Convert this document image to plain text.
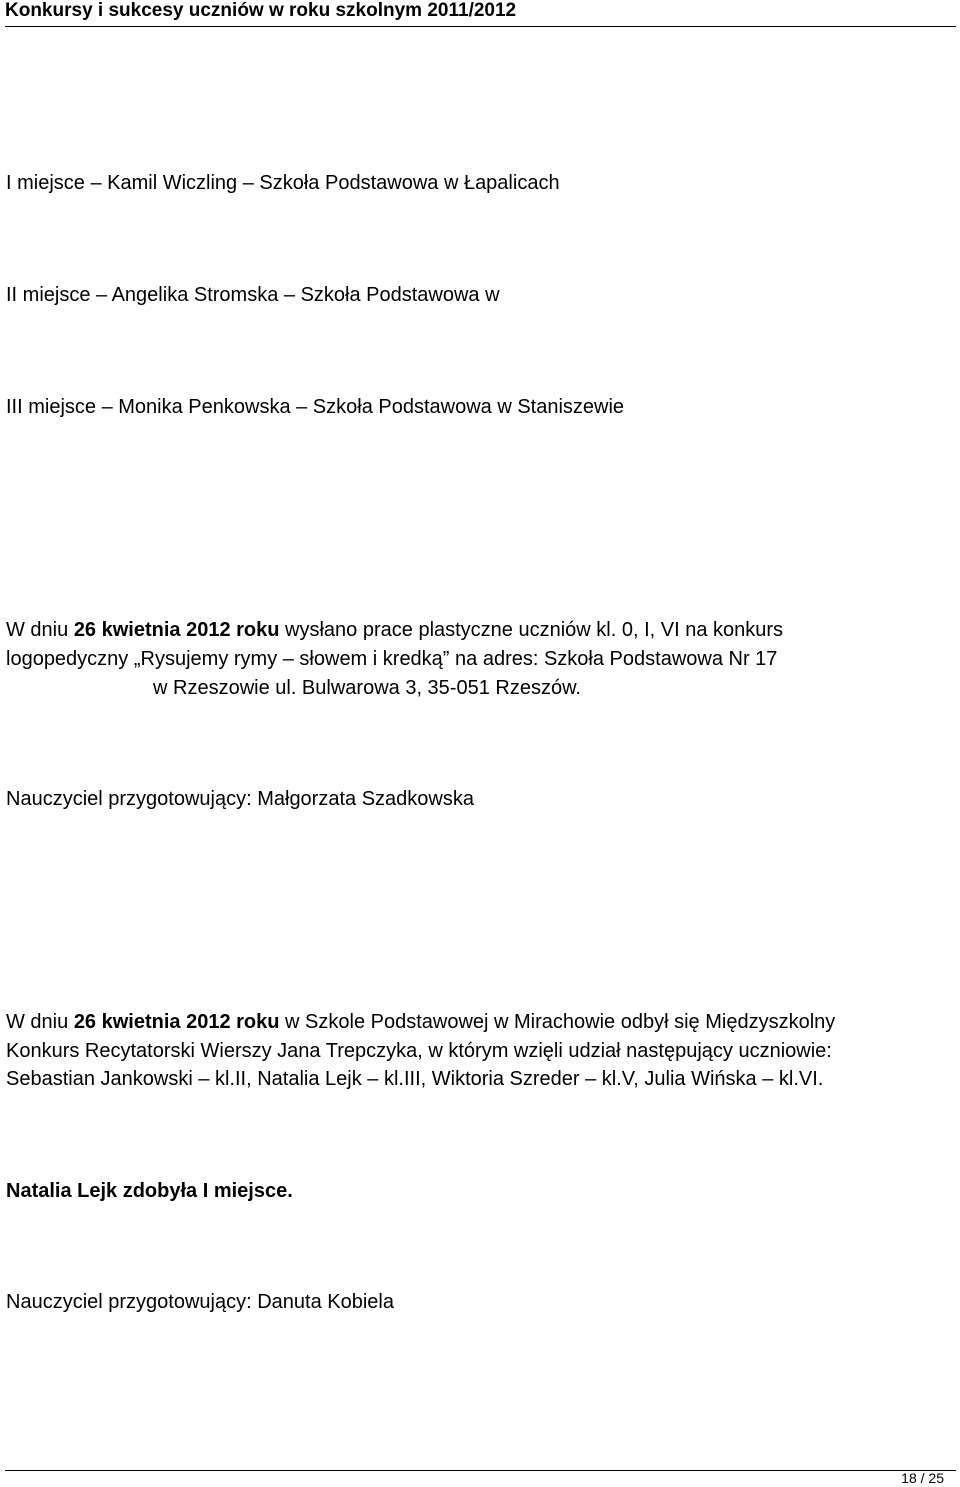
Konkursy i sukcesy uczniów w roku szkolnym 2011/2012
I miejsce – Kamil Wiczling – Szkoła Podstawowa w Łapalicach
II miejsce – Angelika Stromska – Szkoła Podstawowa w
III miejsce – Monika Penkowska – Szkoła Podstawowa w Staniszewie
W dniu 26 kwietnia 2012 roku wysłano prace plastyczne uczniów kl. 0, I, VI na konkurs
logopedyczny „Rysujemy rymy – słowem i kredką” na adres: Szkoła Podstawowa Nr 17
w Rzeszowie ul. Bulwarowa 3, 35-051 Rzeszów.
Nauczyciel przygotowujący: Małgorzata Szadkowska
W dniu 26 kwietnia 2012 roku w Szkole Podstawowej w Mirachowie odbył się Międzyszkolny
Konkurs Recytatorski Wierszy Jana Trepczyka, w którym wzięli udział następujący uczniowie:
Sebastian Jankowski – kl.II, Natalia Lejk – kl.III, Wiktoria Szreder – kl.V, Julia Wińska – kl.VI.
Natalia Lejk zdobyła I miejsce.
Nauczyciel przygotowujący: Danuta Kobiela
18 / 25
